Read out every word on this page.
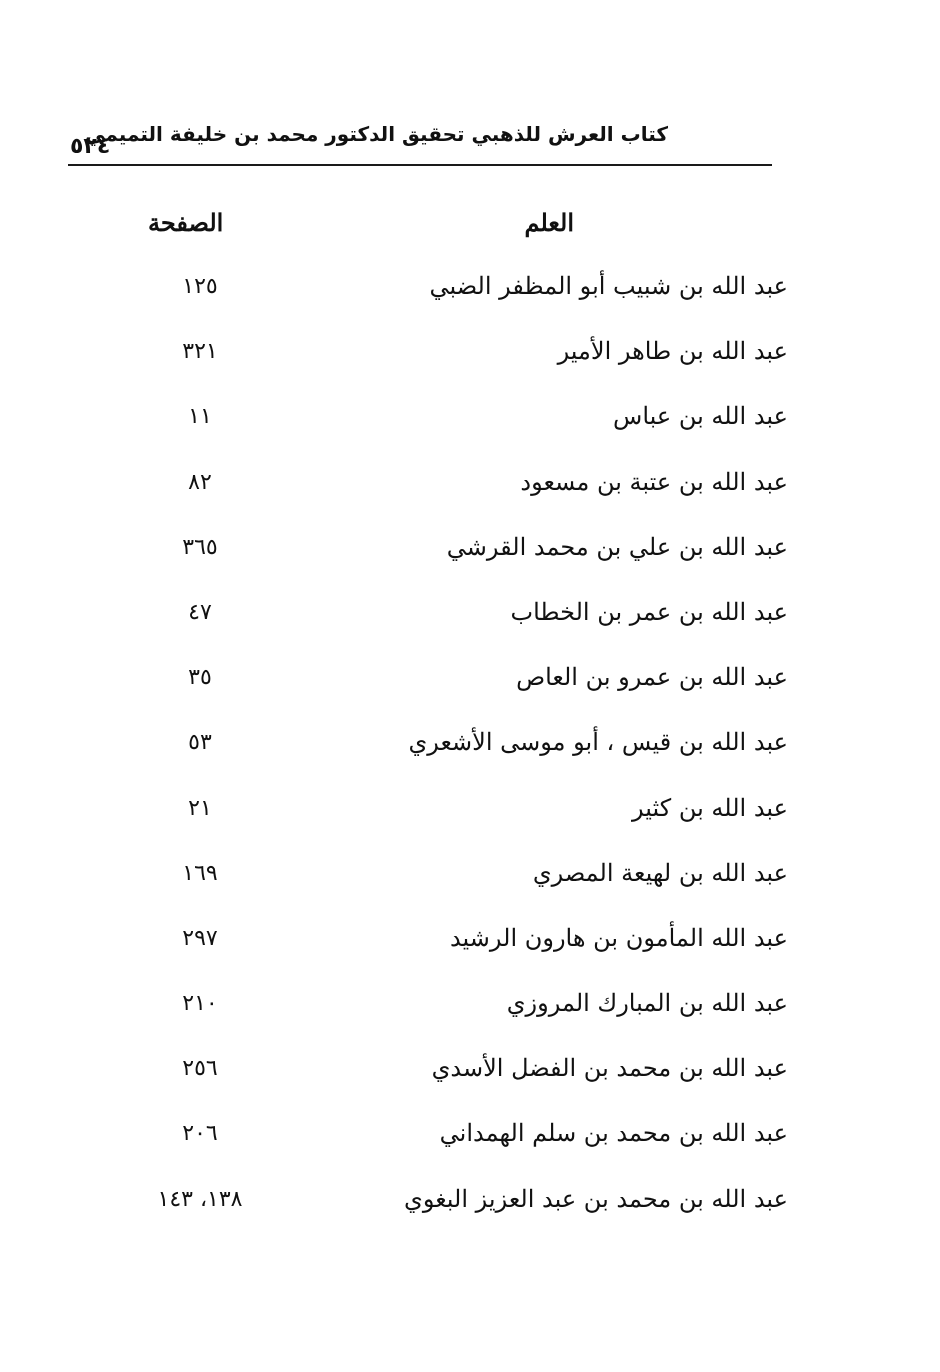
كتاب العرش للذهبي تحقيق الدكتور محمد بن خليفة التميمي
٥٢٤
العلم
الصفحة
عبد الله بن شبيب أبو المظفر الضبي
١٢٥
عبد الله بن طاهر الأمير
٣٢١
عبد الله بن عباس
١١
عبد الله بن عتبة بن مسعود
٨٢
عبد الله بن علي بن محمد القرشي
٣٦٥
عبد الله بن عمر بن الخطاب
٤٧
عبد الله بن عمرو بن العاص
٣٥
عبد الله بن قيس ، أبو موسى الأشعري
٥٣
عبد الله بن كثير
٢١
عبد الله بن لهيعة المصري
١٦٩
عبد الله المأمون بن هارون الرشيد
٢٩٧
عبد الله بن المبارك المروزي
٢١٠
عبد الله بن محمد بن الفضل الأسدي
٢٥٦
عبد الله بن محمد بن سلم الهمداني
٢٠٦
عبد الله بن محمد بن عبد العزيز البغوي
١٣٨، ١٤٣
